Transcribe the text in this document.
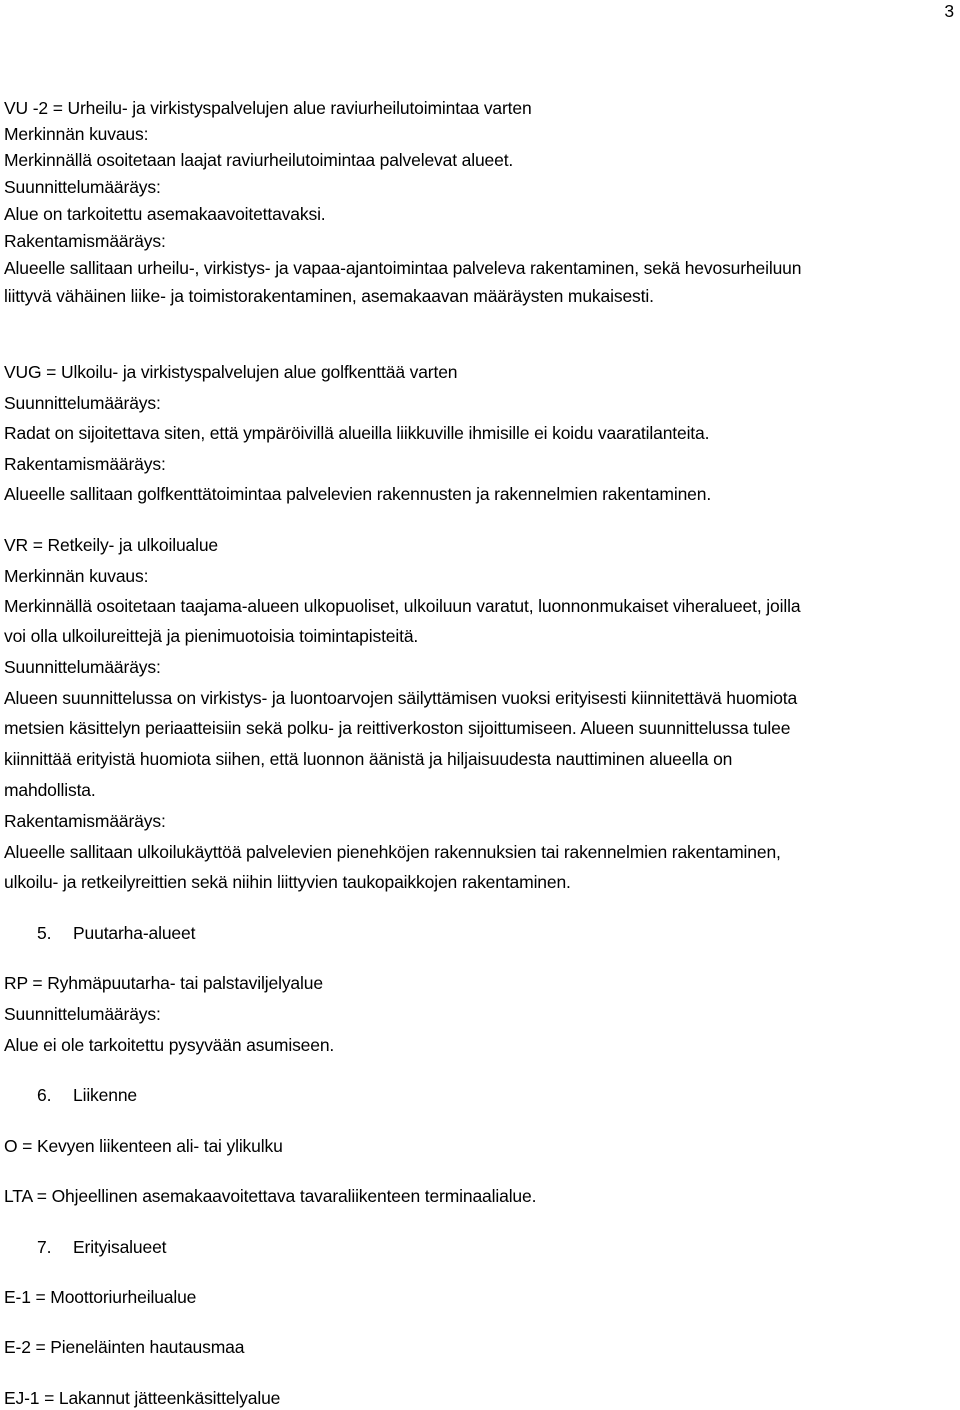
3
VU -2 = Urheilu- ja virkistyspalvelujen alue raviurheilutoimintaa varten
Merkinnän kuvaus:
Merkinnällä osoitetaan laajat raviurheilutoimintaa palvelevat alueet.
Suunnittelumääräys:
Alue on tarkoitettu asemakaavoitettavaksi.
Rakentamismääräys:
Alueelle sallitaan urheilu-, virkistys- ja vapaa-ajantoimintaa palveleva rakentaminen, sekä hevosurheiluun
liittyvä vähäinen liike- ja toimistorakentaminen, asemakaavan määräysten mukaisesti.
VUG = Ulkoilu- ja virkistyspalvelujen alue golfkenttää varten
Suunnittelumääräys:
Radat on sijoitettava siten, että ympäröivillä alueilla liikkuville ihmisille ei koidu vaaratilanteita.
Rakentamismääräys:
Alueelle sallitaan golfkenttätoimintaa palvelevien rakennusten ja rakennelmien rakentaminen.
VR = Retkeily- ja ulkoilualue
Merkinnän kuvaus:
Merkinnällä osoitetaan taajama-alueen ulkopuoliset, ulkoiluun varatut, luonnonmukaiset viheralueet, joilla
voi olla ulkoilureittejä ja pienimuotoisia toimintapisteitä.
Suunnittelumääräys:
Alueen suunnittelussa on virkistys- ja luontoarvojen säilyttämisen vuoksi erityisesti kiinnitettävä huomiota
metsien käsittelyn periaatteisiin sekä polku- ja reittiverkoston sijoittumiseen. Alueen suunnittelussa tulee
kiinnittää erityistä huomiota siihen, että luonnon äänistä ja hiljaisuudesta nauttiminen alueella on
mahdollista.
Rakentamismääräys:
Alueelle sallitaan ulkoilukäyttöä palvelevien pienehköjen rakennuksien tai rakennelmien rakentaminen,
ulkoilu- ja retkeilyreittien sekä niihin liittyvien taukopaikkojen rakentaminen.
5. Puutarha-alueet
RP = Ryhmäpuutarha- tai palstaviljelyalue
Suunnittelumääräys:
Alue ei ole tarkoitettu pysyvään asumiseen.
6. Liikenne
O = Kevyen liikenteen ali- tai ylikulku
LTA = Ohjeellinen asemakaavoitettava tavaraliikenteen terminaalialue.
7. Erityisalueet
E-1 = Moottoriurheilualue
E-2 = Pieneläinten hautausmaa
EJ-1 = Lakannut jätteenkäsittelyalue
